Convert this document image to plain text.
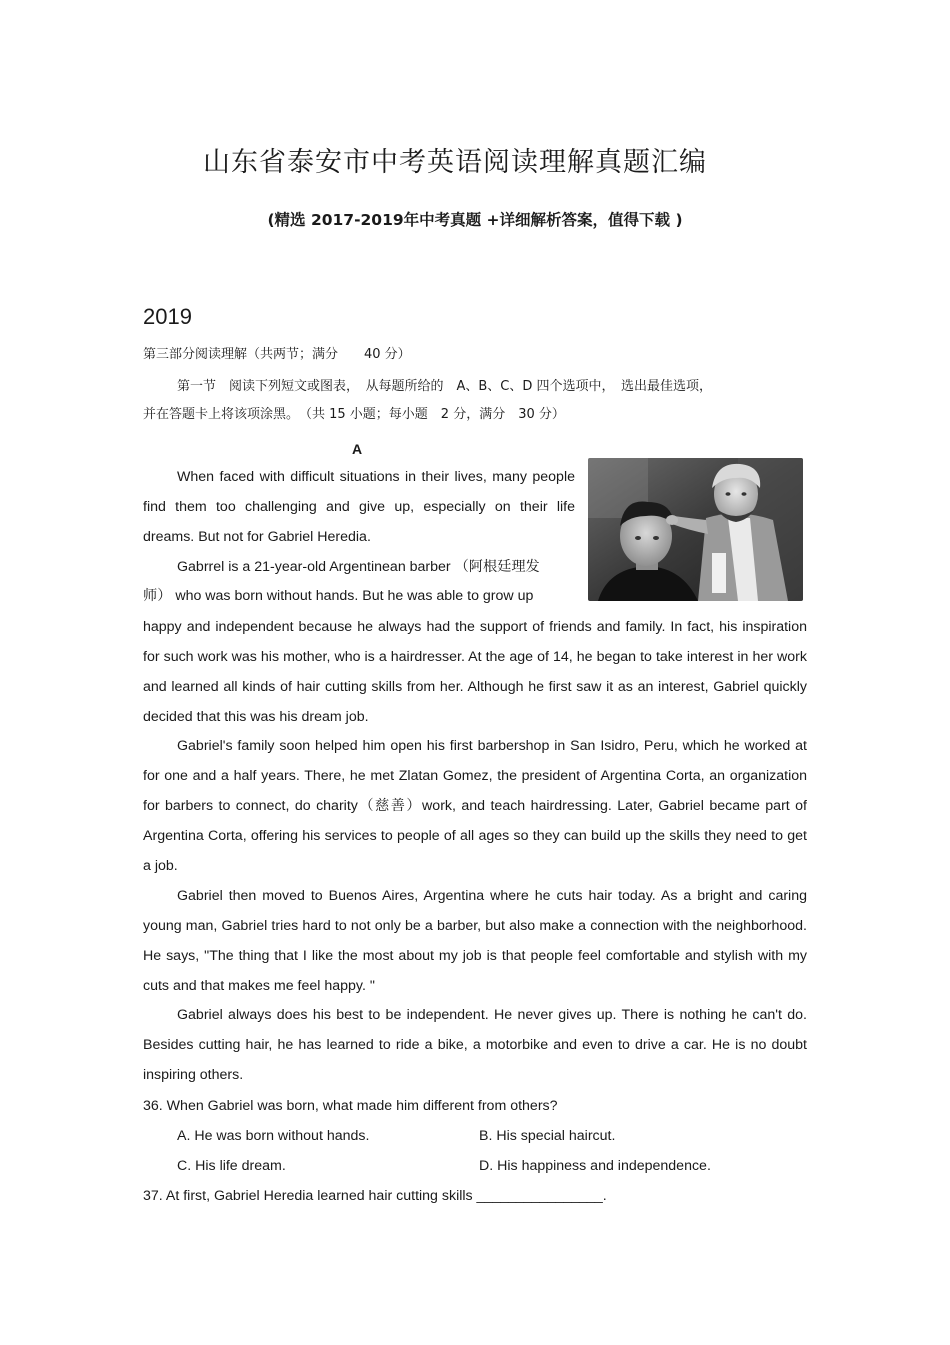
山东省泰安市中考英语阅读理解真题汇编
(精选 2017-2019年中考真题 +详细解析答案，值得下载 )
2019
第三部分阅读理解（共两节；满分　　40 分）
第一节　阅读下列短文或图表，　从每题所给的　A、B、C、D 四个选项中，　选出最佳选项，
并在答题卡上将该项涂黑。　（共 15 小题；每小题　2 分，满分　30 分）
A

When faced with difficult situations in their lives, many people find them too challenging and give up, especially on their life dreams. But not for Gabriel Heredia.

Gabrrel is a 21-year-old Argentinean barber （阿根廷理发
师） who was born without hands. But he was able to grow up

happy and independent because he always had the support of friends and family. In fact, his inspiration for such work was his mother, who is a hairdresser. At the age of 14, he began to take interest in her work and learned all kinds of hair cutting skills from her. Although he first saw it as an interest, Gabriel quickly decided that this was his dream job.

Gabriel's family soon helped him open his first barbershop in San Isidro, Peru, which he worked at for one and a half years. There, he met Zlatan Gomez, the president of Argentina Corta, an organization for barbers to connect, do charity（慈善）work, and teach hairdressing. Later, Gabriel became part of Argentina Corta, offering his services to people of all ages so they can build up the skills they need to get a job.

Gabriel then moved to Buenos Aires, Argentina where he cuts hair today. As a bright and caring young man, Gabriel tries hard to not only be a barber, but also make a connection with the neighborhood. He says, "The thing that I like the most about my job is that people feel comfortable and stylish with my cuts and that makes me feel happy. "

Gabriel always does his best to be independent. He never gives up. There is nothing he can't do. Besides cutting hair, he has learned to ride a bike, a motorbike and even to drive a car. He is no doubt inspiring others.

36. When Gabriel was born, what made him different from others?
A. He was born without hands.	B. His special haircut.
C. His life dream.	D. His happiness and independence.
37. At first, Gabriel Heredia learned hair cutting skills ________________.
